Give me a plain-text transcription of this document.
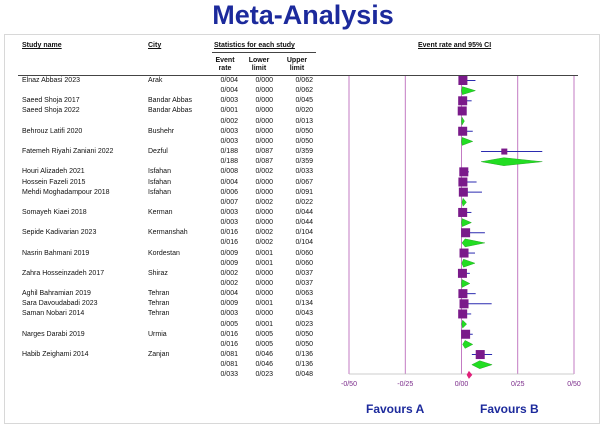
Meta-Analysis
Study name	City	Statistics for each study	Event rate and 95% CI
Event
rate
Lower
limit
Upper
limit
Elnaz Abbasi 2023	Arak	0/004	0/000	0/062
0/004	0/000	0/062
Saeed Shoja 2017	Bandar Abbas	0/003	0/000	0/045
Saeed Shoja 2022	Bandar Abbas	0/001	0/000	0/020
0/002	0/000	0/013
Behrouz Latifi 2020	Bushehr	0/003	0/000	0/050
0/003	0/000	0/050
Fatemeh Riyahi Zaniani 2022	Dezful	0/188	0/087	0/359
0/188	0/087	0/359
Houri Alizadeh 2021	Isfahan	0/008	0/002	0/033
Hossein Fazeli 2015	Isfahan	0/004	0/000	0/067
Mehdi Moghadampour 2018	Isfahan	0/006	0/000	0/091
0/007	0/002	0/022
Somayeh Kiaei 2018	Kerman	0/003	0/000	0/044
0/003	0/000	0/044
Sepide Kadivarian 2023	Kermanshah	0/016	0/002	0/104
0/016	0/002	0/104
Nasrin Bahmani 2019	Kordestan	0/009	0/001	0/060
0/009	0/001	0/060
Zahra Hosseinzadeh 2017	Shiraz	0/002	0/000	0/037
0/002	0/000	0/037
Aghil Bahramian 2019	Tehran	0/004	0/000	0/063
Sara Davoudabadi 2023	Tehran	0/009	0/001	0/134
Saman Nobari 2014	Tehran	0/003	0/000	0/043
0/005	0/001	0/023
Narges Darabi 2019	Urmia	0/016	0/005	0/050
0/016	0/005	0/050
Habib Zeighami 2014	Zanjan	0/081	0/046	0/136
0/081	0/046	0/136
0/033	0/023	0/048
-0/50	-0/25	0/00	0/25	0/50
Favours A	Favours B
